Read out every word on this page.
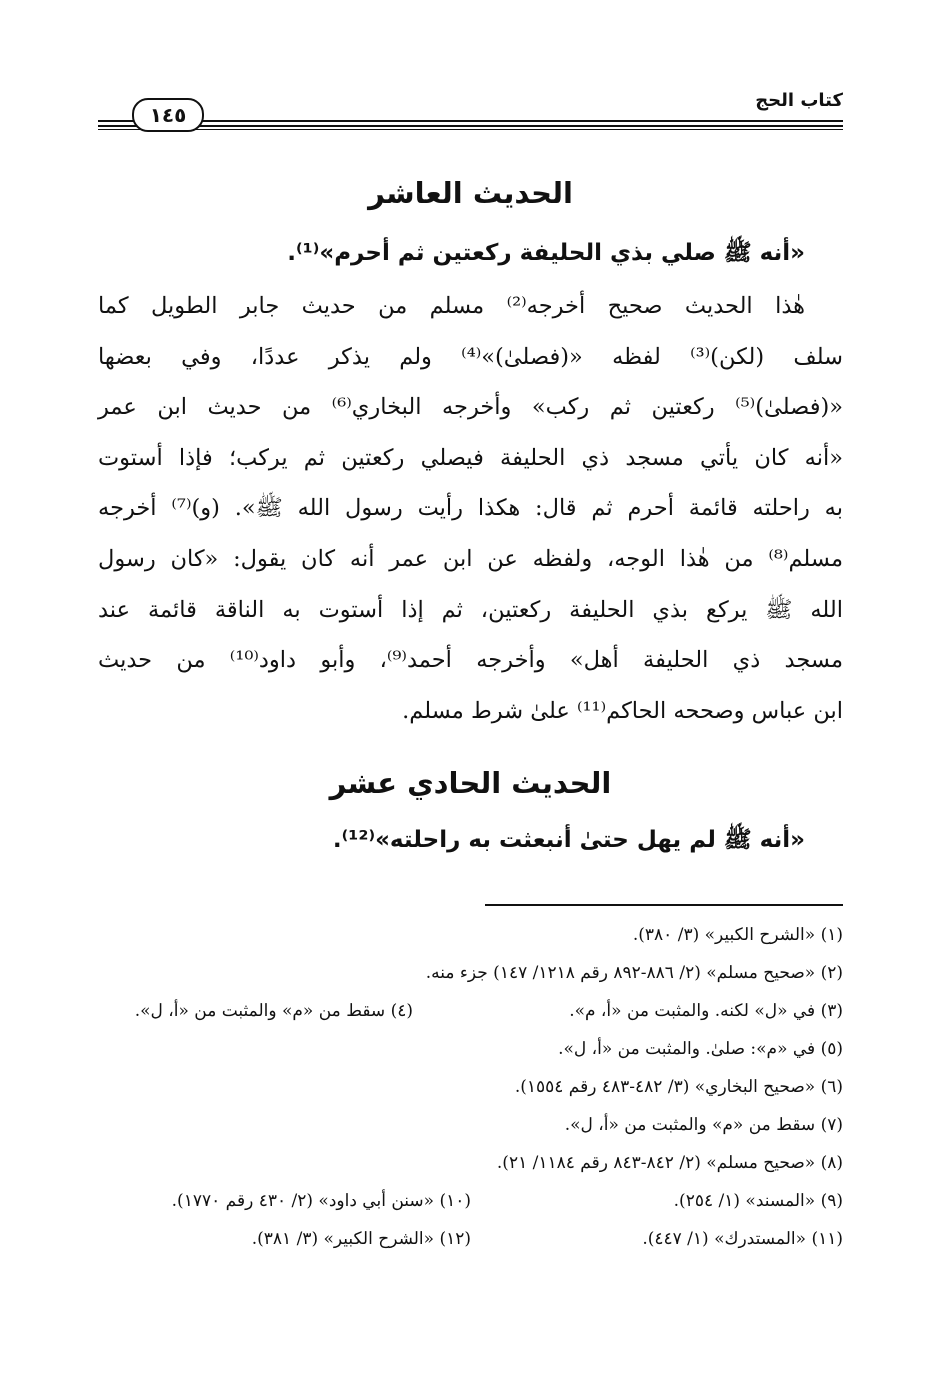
١٤٥
كتاب الحج
الحديث العاشر

«أنه ﷺ صلي بذي الحليفة ركعتين ثم أحرم»⁽¹⁾.

هٰذا الحديث صحيح أخرجه⁽²⁾ مسلم من حديث جابر الطويل كما
سلف (لكن)⁽³⁾ لفظه «(فصلىٰ)»⁽⁴⁾ ولم يذكر عددًا، وفي بعضها
«(فصلىٰ)⁽⁵⁾ ركعتين ثم ركب» وأخرجه البخاري⁽⁶⁾ من حديث ابن عمر
«أنه كان يأتي مسجد ذي الحليفة فيصلي ركعتين ثم يركب؛ فإذا أستوت
به راحلته قائمة أحرم ثم قال: هكذا رأيت رسول الله ﷺ». (و)⁽⁷⁾ أخرجه
مسلم⁽⁸⁾ من هٰذا الوجه، ولفظه عن ابن عمر أنه كان يقول: «كان رسول
الله ﷺ يركع بذي الحليفة ركعتين، ثم إذا أستوت به الناقة قائمة عند
مسجد ذي الحليفة أهل» وأخرجه أحمد⁽⁹⁾، وأبو داود⁽¹⁰⁾ من حديث
ابن عباس وصححه الحاكم⁽¹¹⁾ علىٰ شرط مسلم.

الحديث الحادي عشر

«أنه ﷺ لم يهل حتىٰ أنبعثت به راحلته»⁽¹²⁾.

(١) «الشرح الكبير» (٣/ ٣٨٠).
(٢) «صحيح مسلم» (٢/ ٨٨٦-٨٩٢ رقم ١٢١٨/ ١٤٧) جزء منه.
(٣) في «ل» لكنه. والمثبت من «أ، م».
(٤) سقط من «م» والمثبت من «أ، ل».
(٥) في «م»: صلىٰ. والمثبت من «أ، ل».
(٦) «صحيح البخاري» (٣/ ٤٨٢-٤٨٣ رقم ١٥٥٤).
(٧) سقط من «م» والمثبت من «أ، ل».
(٨) «صحيح مسلم» (٢/ ٨٤٢-٨٤٣ رقم ١١٨٤/ ٢١).
(٩) «المسند» (١/ ٢٥٤).
(١٠) «سنن أبي داود» (٢/ ٤٣٠ رقم ١٧٧٠).
(١١) «المستدرك» (١/ ٤٤٧).
(١٢) «الشرح الكبير» (٣/ ٣٨١).
